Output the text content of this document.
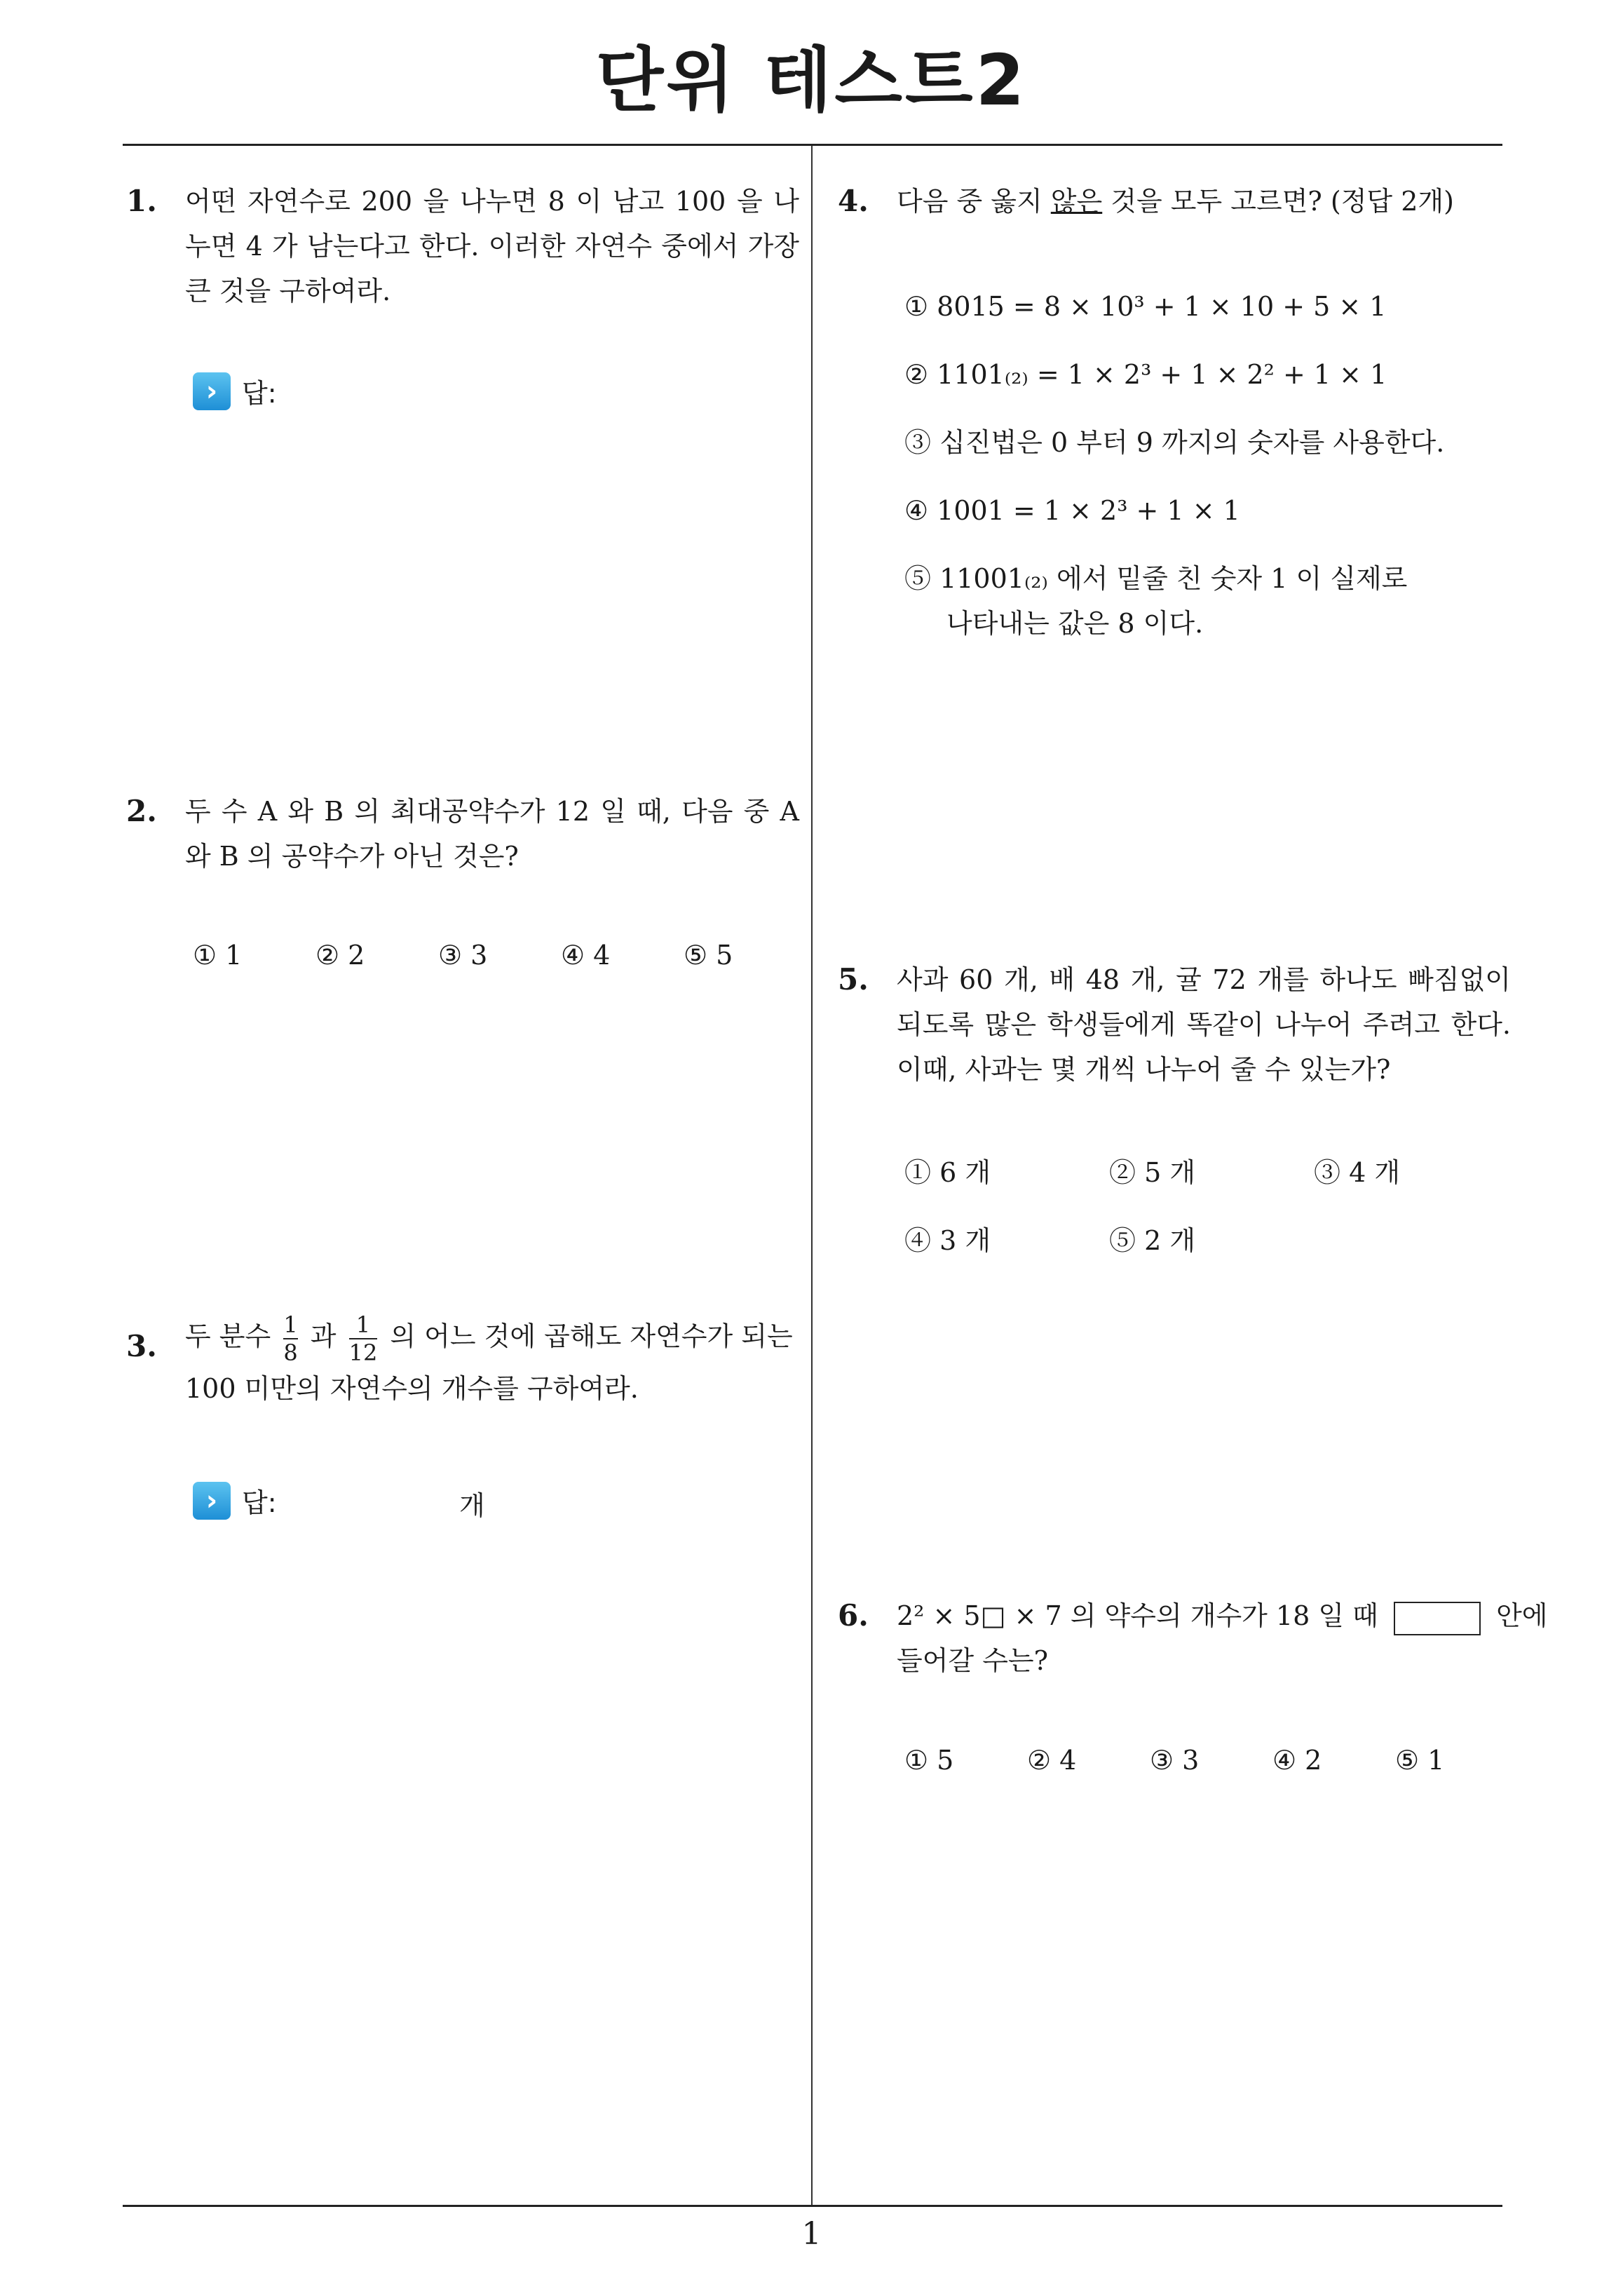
단위 테스트2
1. 어떤 자연수로 200 을 나누면 8 이 남고 100 을 나누면 4 가 남는다고 한다. 이러한 자연수 중에서 가장 큰 것을 구하여라.
› 답:
2. 두 수 A 와 B 의 최대공약수가 12 일 때, 다음 중 A 와 B 의 공약수가 아닌 것은?
① 1	② 2	③ 3	④ 4	⑤ 5
3. 두 분수 $\frac{1}{8}$ 과 $\frac{1}{12}$ 의 어느 것에 곱해도 자연수가 되는

100 미만의 자연수의 개수를 구하여라.

› 답:	개
4. 다음 중 옳지 않은 것을 모두 고르면? (정답 2개)
① 8015 = 8 × 10³ + 1 × 10 + 5 × 1
② 1101₍₂₎ = 1 × 2³ + 1 × 2² + 1 × 1
③ 십진법은 0 부터 9 까지의 숫자를 사용한다.
④ 1001 = 1 × 2³ + 1 × 1
⑤ 11001₍₂₎ 에서 밑줄 친 숫자 1 이 실제로
나타내는 값은 8 이다.
5. 사과 60 개, 배 48 개, 귤 72 개를 하나도 빠짐없이 되도록 많은 학생들에게 똑같이 나누어 주려고 한다. 이때, 사과는 몇 개씩 나누어 줄 수 있는가?
① 6 개	② 5 개	③ 4 개
④ 3 개	⑤ 2 개
6. 2² × 5□ × 7 의 약수의 개수가 18 일 때	안에

들어갈 수는?

① 5	② 4	③ 3	④ 2	⑤ 1
1
